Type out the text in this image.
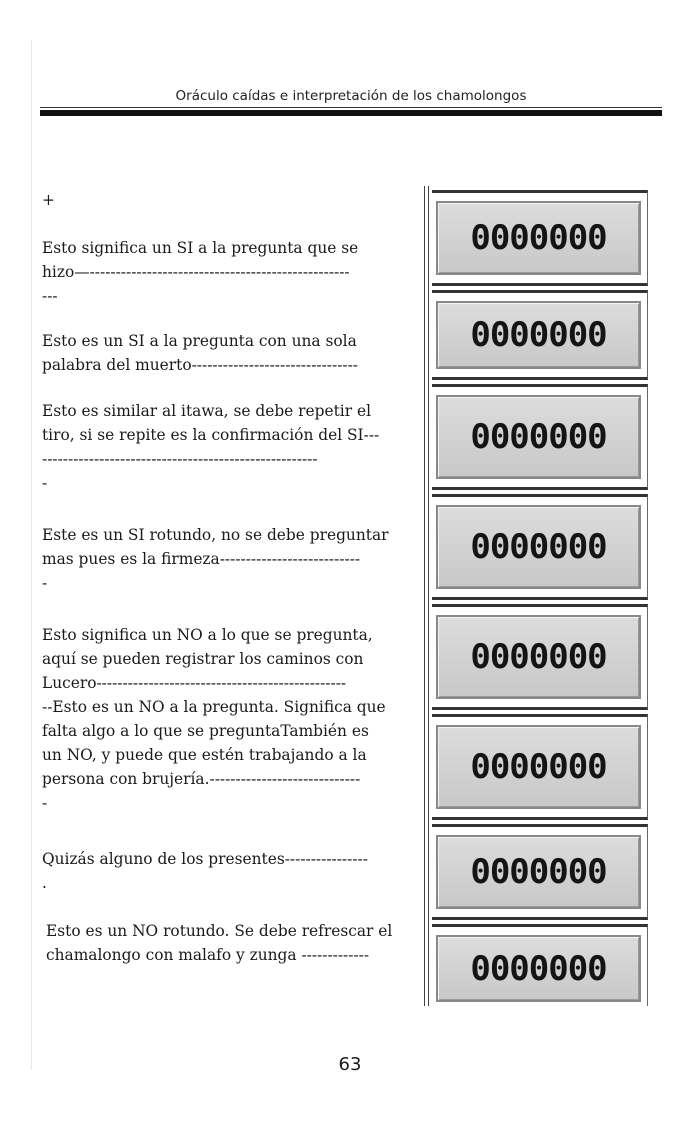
Oráculo caídas e interpretación de los chamolongos
+

Esto significa un SI a la pregunta que se
hizo—--------------------------------------------------
---
Esto es un SI a la pregunta con una sola
palabra del muerto--------------------------------
Esto es similar al itawa, se debe repetir el
tiro, si se repite es la confirmación del SI---
-----------------------------------------------------
-
Este es un SI rotundo, no se debe preguntar
mas pues es la firmeza---------------------------
-
Esto significa un NO a lo que se pregunta,
aquí se pueden registrar los caminos con
Lucero------------------------------------------------
--Esto es un NO a la pregunta. Significa que
falta algo a lo que se preguntaTambién es
un NO, y puede que estén trabajando a la
persona con brujería.-----------------------------
-
Quizás alguno de los presentes----------------
.
Esto es un NO rotundo. Se debe refrescar el
chamalongo con malafo y zunga -------------
0000000
0000000
0000000
0000000
0000000
0000000
0000000
0000000
63
